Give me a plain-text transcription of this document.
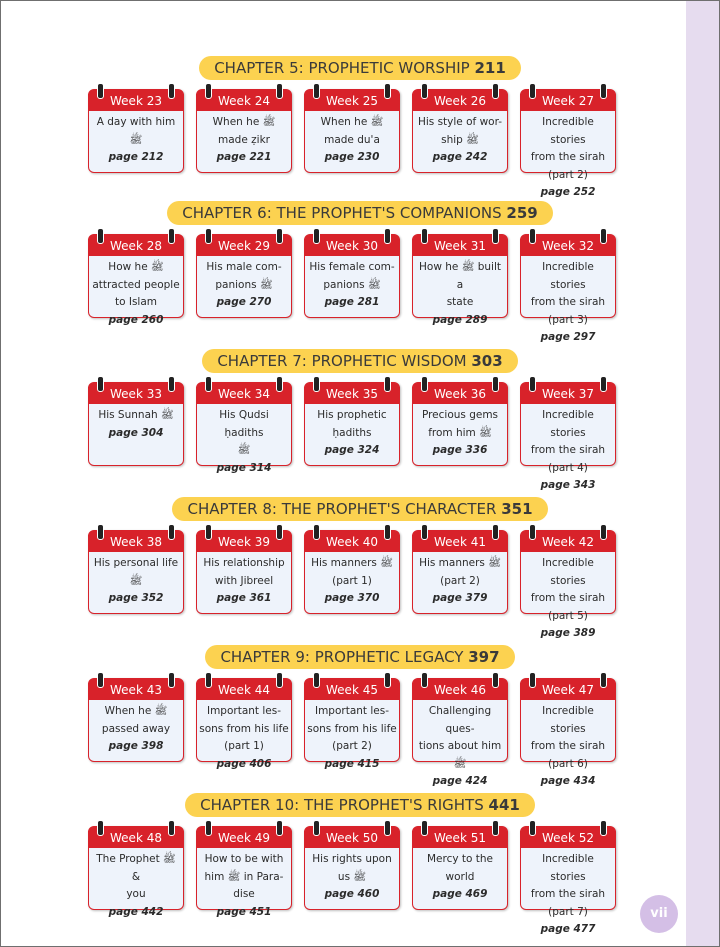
CHAPTER 5: PROPHETIC WORSHIP 211
Week 23
A day with him
ﷺ
page 212
Week 24
When he ﷺ
made ẓikr
page 221
Week 25
When he ﷺ
made du'a
page 230
Week 26
His style of wor-
ship ﷺ
page 242
Week 27
Incredible stories
from the sirah
(part 2)
page 252
CHAPTER 6: THE PROPHET'S COMPANIONS 259
Week 28
How he ﷺ
attracted people
to Islam
page 260
Week 29
His male com-
panions ﷺ
page 270
Week 30
His female com-
panions ﷺ
page 281
Week 31
How he ﷺ built a
state
page 289
Week 32
Incredible stories
from the sirah
(part 3)
page 297
CHAPTER 7: PROPHETIC WISDOM 303
Week 33
His Sunnah ﷺ
page 304
Week 34
His Qudsi ḥadiths
ﷺ
page 314
Week 35
His prophetic
ḥadiths
page 324
Week 36
Precious gems
from him ﷺ
page 336
Week 37
Incredible stories
from the sirah
(part 4)
page 343
CHAPTER 8: THE PROPHET'S CHARACTER 351
Week 38
His personal life
ﷺ
page 352
Week 39
His relationship
with Jibreel
page 361
Week 40
His manners ﷺ
(part 1)
page 370
Week 41
His manners ﷺ
(part 2)
page 379
Week 42
Incredible stories
from the sirah
(part 5)
page 389
CHAPTER 9: PROPHETIC LEGACY 397
Week 43
When he ﷺ
passed away
page 398
Week 44
Important les-
sons from his life
(part 1)
page 406
Week 45
Important les-
sons from his life
(part 2)
page 415
Week 46
Challenging ques-
tions about him
ﷺ
page 424
Week 47
Incredible stories
from the sirah
(part 6)
page 434
CHAPTER 10: THE PROPHET'S RIGHTS 441
Week 48
The Prophet ﷺ &
you
page 442
Week 49
How to be with
him ﷺ in Para-
dise
page 451
Week 50
His rights upon
us ﷺ
page 460
Week 51
Mercy to the
world
page 469
Week 52
Incredible stories
from the sirah
(part 7)
page 477
vii
